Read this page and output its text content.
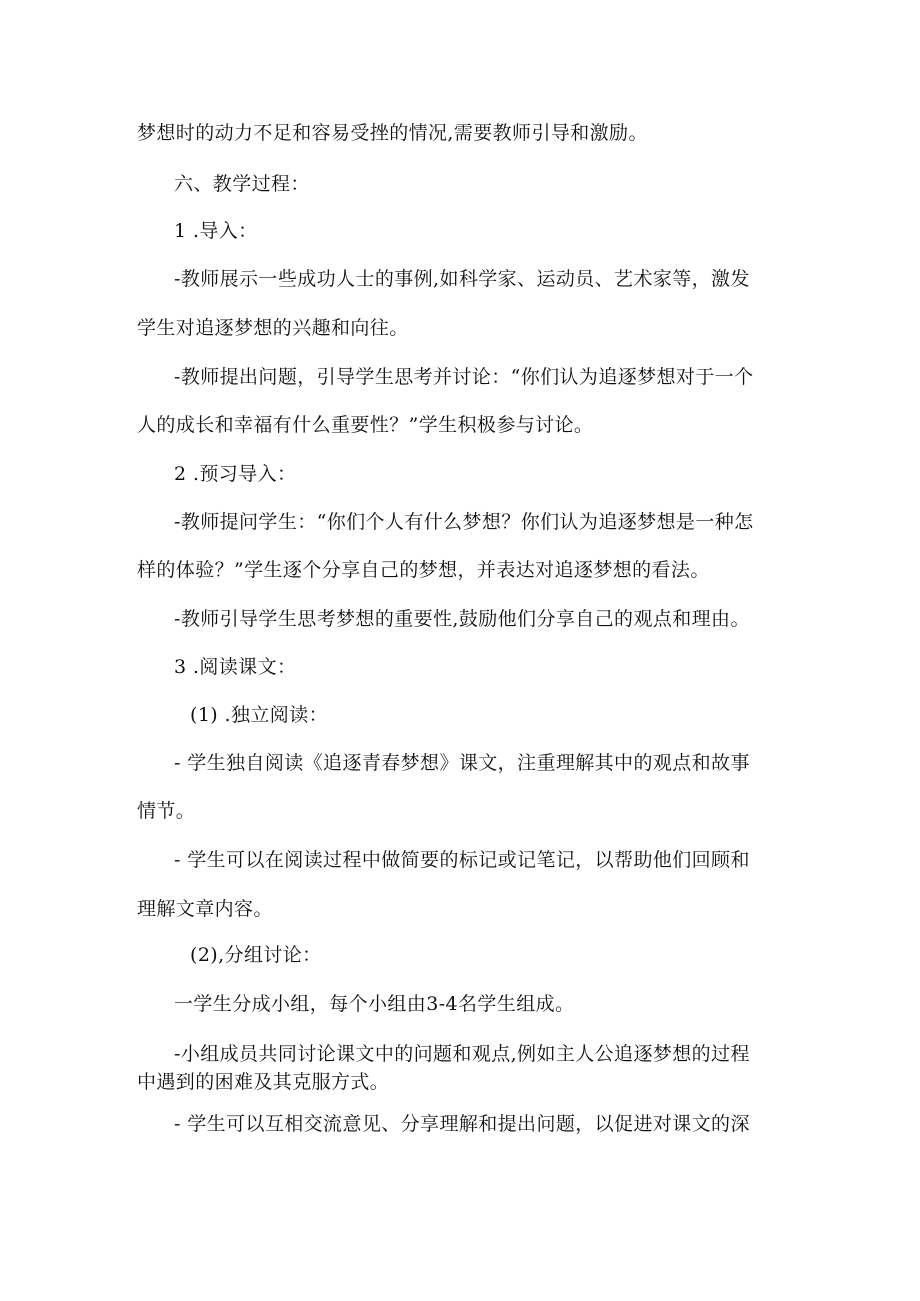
梦想时的动力不足和容易受挫的情况,需要教师引导和激励。
六、教学过程：
1 .导入：
-教师展示一些成功人士的事例,如科学家、运动员、艺术家等，激发
学生对追逐梦想的兴趣和向往。
-教师提出问题，引导学生思考并讨论：“你们认为追逐梦想对于一个
人的成长和幸福有什么重要性？”学生积极参与讨论。
2 .预习导入：
-教师提问学生：“你们个人有什么梦想？你们认为追逐梦想是一种怎
样的体验？”学生逐个分享自己的梦想，并表达对追逐梦想的看法。
-教师引导学生思考梦想的重要性,鼓励他们分享自己的观点和理由。
3 .阅读课文：
(1) .独立阅读：
- 学生独自阅读《追逐青春梦想》课文，注重理解其中的观点和故事
情节。
- 学生可以在阅读过程中做简要的标记或记笔记，以帮助他们回顾和
理解文章内容。
(2),分组讨论：
一学生分成小组，每个小组由3-4名学生组成。
-小组成员共同讨论课文中的问题和观点,例如主人公追逐梦想的过程
中遇到的困难及其克服方式。
- 学生可以互相交流意见、分享理解和提出问题，以促进对课文的深
